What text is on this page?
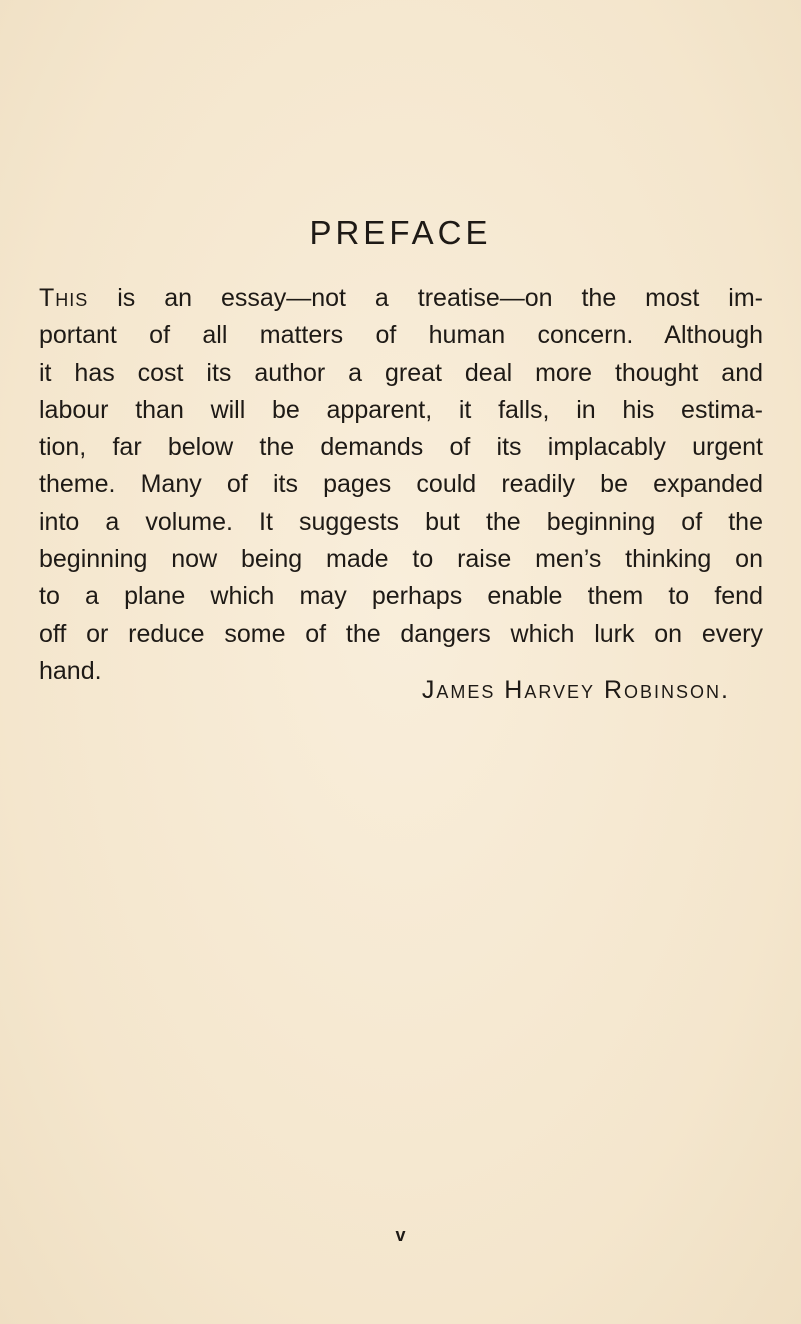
PREFACE
This is an essay—not a treatise—on the most im-
portant of all matters of human concern. Although
it has cost its author a great deal more thought and
labour than will be apparent, it falls, in his estima-
tion, far below the demands of its implacably urgent
theme. Many of its pages could readily be expanded
into a volume. It suggests but the beginning of the
beginning now being made to raise men’s thinking on
to a plane which may perhaps enable them to fend
off or reduce some of the dangers which lurk on every
hand.
James Harvey Robinson.
v
